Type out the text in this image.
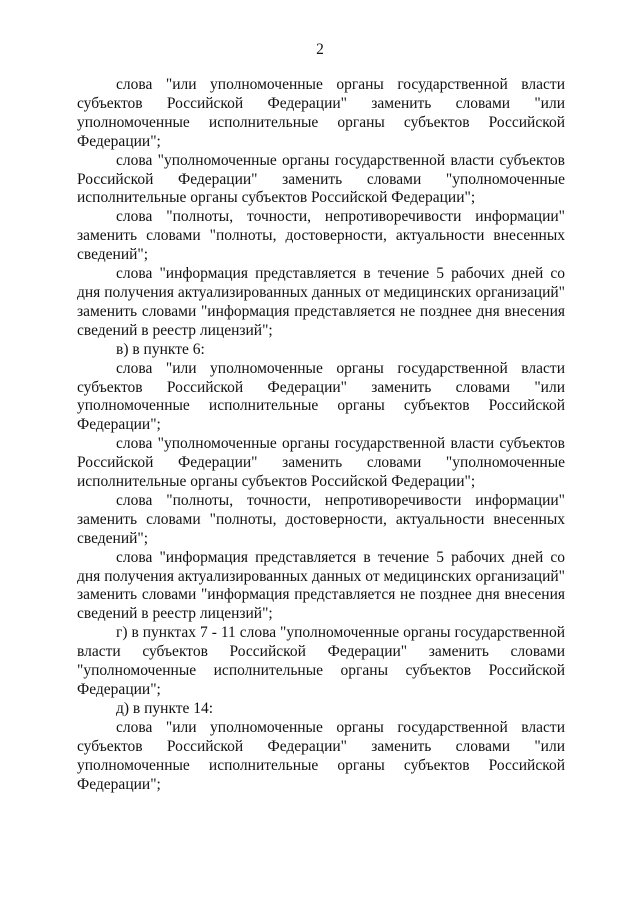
2

слова "или уполномоченные органы государственной власти субъектов Российской Федерации" заменить словами "или уполномоченные исполнительные органы субъектов Российской Федерации";

слова "уполномоченные органы государственной власти субъектов Российской Федерации" заменить словами "уполномоченные исполнительные органы субъектов Российской Федерации";

слова "полноты, точности, непротиворечивости информации" заменить словами "полноты, достоверности, актуальности внесенных сведений";

слова "информация представляется в течение 5 рабочих дней со дня получения актуализированных данных от медицинских организаций" заменить словами "информация представляется не позднее дня внесения сведений в реестр лицензий";

в) в пункте 6:

слова "или уполномоченные органы государственной власти субъектов Российской Федерации" заменить словами "или уполномоченные исполнительные органы субъектов Российской Федерации";

слова "уполномоченные органы государственной власти субъектов Российской Федерации" заменить словами "уполномоченные исполнительные органы субъектов Российской Федерации";

слова "полноты, точности, непротиворечивости информации" заменить словами "полноты, достоверности, актуальности внесенных сведений";

слова "информация представляется в течение 5 рабочих дней со дня получения актуализированных данных от медицинских организаций" заменить словами "информация представляется не позднее дня внесения сведений в реестр лицензий";

г) в пунктах 7 - 11 слова "уполномоченные органы государственной власти субъектов Российской Федерации" заменить словами "уполномоченные исполнительные органы субъектов Российской Федерации";

д) в пункте 14:

слова "или уполномоченные органы государственной власти субъектов Российской Федерации" заменить словами "или уполномоченные исполнительные органы субъектов Российской Федерации";
